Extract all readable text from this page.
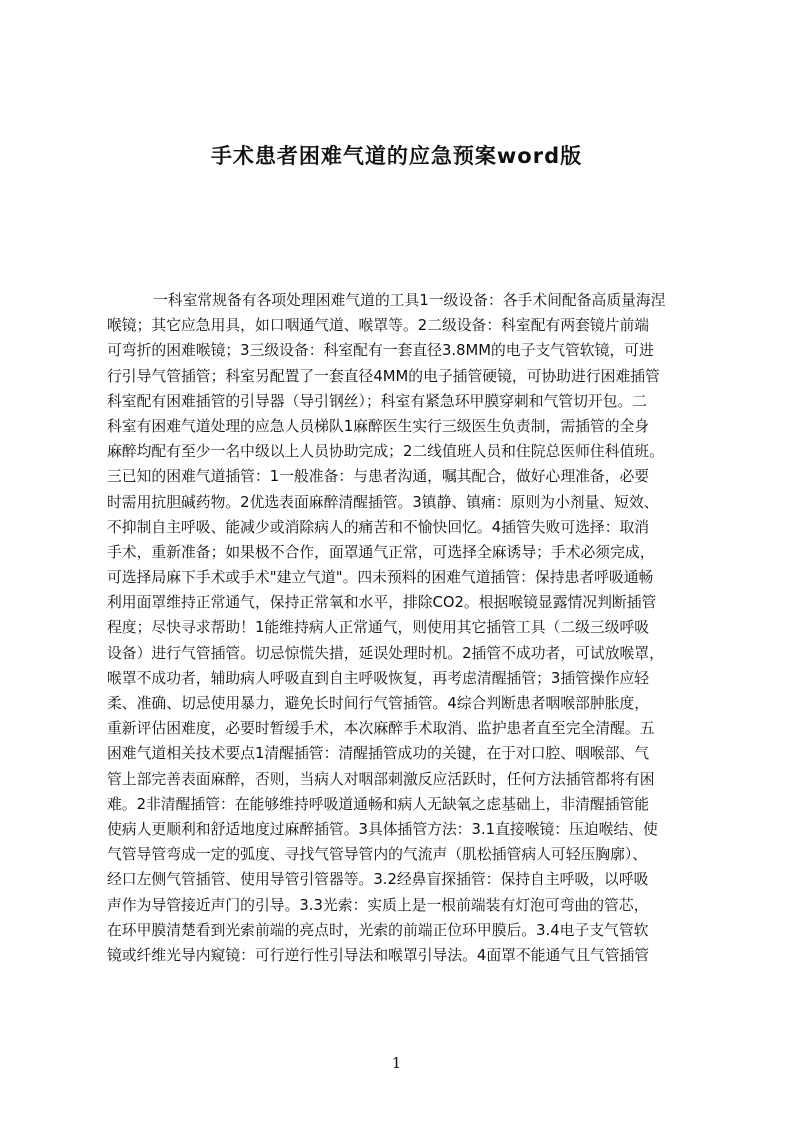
手术患者困难气道的应急预案word版
一科室常规备有各项处理困难气道的工具1一级设备：各手术间配备高质量海涅
喉镜；其它应急用具，如口咽通气道、喉罩等。2二级设备：科室配有两套镜片前端
可弯折的困难喉镜；3三级设备：科室配有一套直径3.8MM的电子支气管软镜，可进
行引导气管插管；科室另配置了一套直径4MM的电子插管硬镜，可协助进行困难插管
科室配有困难插管的引导器（导引钢丝）；科室有紧急环甲膜穿刺和气管切开包。二
科室有困难气道处理的应急人员梯队1麻醉医生实行三级医生负责制，需插管的全身
麻醉均配有至少一名中级以上人员协助完成；2二线值班人员和住院总医师住科值班。
三已知的困难气道插管：1一般准备：与患者沟通，嘱其配合，做好心理准备，必要
时需用抗胆碱药物。2优选表面麻醉清醒插管。3镇静、镇痛：原则为小剂量、短效、
不抑制自主呼吸、能减少或消除病人的痛苦和不愉快回忆。4插管失败可选择：取消
手术，重新准备；如果极不合作，面罩通气正常，可选择全麻诱导；手术必须完成，
可选择局麻下手术或手术"建立气道"。四未预料的困难气道插管：保持患者呼吸通畅
利用面罩维持正常通气，保持正常氧和水平，排除CO2。根据喉镜显露情况判断插管
程度；尽快寻求帮助！1能维持病人正常通气，则使用其它插管工具（二级三级呼吸
设备）进行气管插管。切忌惊慌失措，延误处理时机。2插管不成功者，可试放喉罩，
喉罩不成功者，辅助病人呼吸直到自主呼吸恢复，再考虑清醒插管；3插管操作应轻
柔、准确、切忌使用暴力，避免长时间行气管插管。4综合判断患者咽喉部肿胀度，
重新评估困难度，必要时暂缓手术，本次麻醉手术取消、监护患者直至完全清醒。五
困难气道相关技术要点1清醒插管：清醒插管成功的关键，在于对口腔、咽喉部、气
管上部完善表面麻醉，否则，当病人对咽部刺激反应活跃时，任何方法插管都将有困
难。2非清醒插管：在能够维持呼吸道通畅和病人无缺氧之虑基础上，非清醒插管能
使病人更顺利和舒适地度过麻醉插管。3具体插管方法：3.1直接喉镜：压迫喉结、使
气管导管弯成一定的弧度、寻找气管导管内的气流声（肌松插管病人可轻压胸廓）、
经口左侧气管插管、使用导管引管器等。3.2经鼻盲探插管：保持自主呼吸，以呼吸
声作为导管接近声门的引导。3.3光索：实质上是一根前端装有灯泡可弯曲的管芯，
在环甲膜清楚看到光索前端的亮点时，光索的前端正位环甲膜后。3.4电子支气管软
镜或纤维光导内窥镜：可行逆行性引导法和喉罩引导法。4面罩不能通气且气管插管
1
